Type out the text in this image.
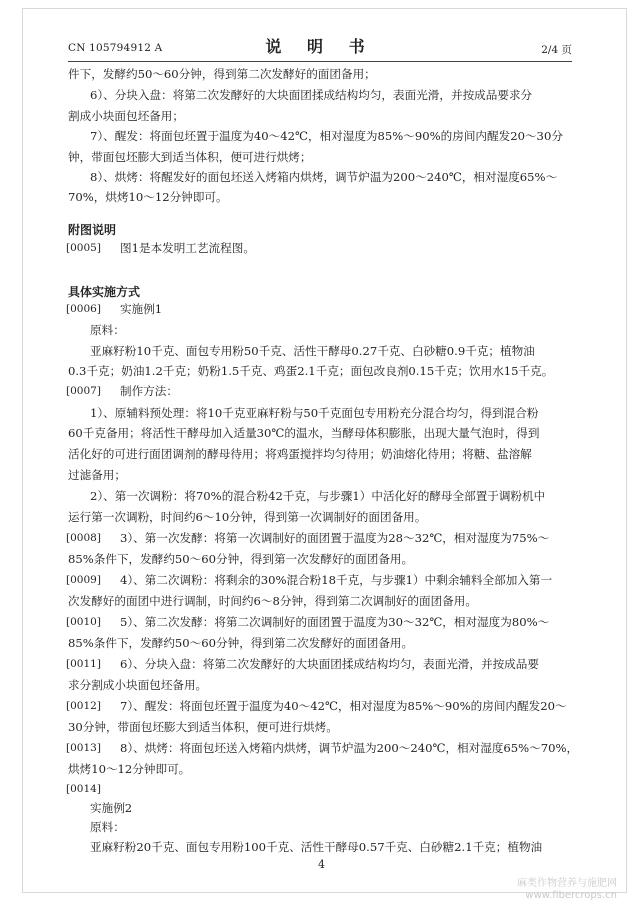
CN 105794912 A	说 明 书	2/4 页
件下，发酵约50～60分钟，得到第二次发酵好的面团备用；
6）、分块入盘：将第二次发酵好的大块面团揉成结构均匀，表面光滑，并按成品要求分
割成小块面包坯备用；
7）、醒发：将面包坯置于温度为40～42℃，相对湿度为85%～90%的房间内醒发20～30分
钟，带面包坯膨大到适当体积，便可进行烘烤；
8）、烘烤：将醒发好的面包坯送入烤箱内烘烤，调节炉温为200～240℃，相对湿度65%～
70%，烘烤10～12分钟即可。
附图说明
[0005] 图1是本发明工艺流程图。
具体实施方式
[0006] 实施例1
原料：
亚麻籽粉10千克、面包专用粉50千克、活性干酵母0.27千克、白砂糖0.9千克；植物油
0.3千克；奶油1.2千克；奶粉1.5千克、鸡蛋2.1千克；面包改良剂0.15千克；饮用水15千克。
[0007] 制作方法：
1）、原辅料预处理：将10千克亚麻籽粉与50千克面包专用粉充分混合均匀，得到混合粉
60千克备用；将活性干酵母加入适量30℃的温水，当酵母体积膨胀，出现大量气泡时，得到
活化好的可进行面团调剂的酵母待用；将鸡蛋搅拌均匀待用；奶油熔化待用；将糖、盐溶解
过滤备用；
2）、第一次调粉：将70%的混合粉42千克，与步骤1）中活化好的酵母全部置于调粉机中
运行第一次调粉，时间约6～10分钟，得到第一次调制好的面团备用。
[0008] 3）、第一次发酵：将第一次调制好的面团置于温度为28～32℃，相对湿度为75%～
85%条件下，发酵约50～60分钟，得到第一次发酵好的面团备用。
[0009] 4）、第二次调粉：将剩余的30%混合粉18千克，与步骤1）中剩余辅料全部加入第一
次发酵好的面团中进行调制，时间约6～8分钟，得到第二次调制好的面团备用。
[0010] 5）、第二次发酵：将第二次调制好的面团置于温度为30～32℃，相对湿度为80%～
85%条件下，发酵约50～60分钟，得到第二次发酵好的面团备用。
[0011] 6）、分块入盘：将第二次发酵好的大块面团揉成结构均匀，表面光滑，并按成品要
求分割成小块面包坯备用。
[0012] 7）、醒发：将面包坯置于温度为40～42℃，相对湿度为85%～90%的房间内醒发20～
30分钟，带面包坯膨大到适当体积，便可进行烘烤。
[0013] 8）、烘烤：将面包坯送入烤箱内烘烤，调节炉温为200～240℃，相对湿度65%～70%，
烘烤10～12分钟即可。
[0014]
实施例2
原料：
4
麻类作物营养与施肥网
www.fibercrops.cn
亚麻籽粉20千克、面包专用粉100千克、活性干酵母0.57千克、白砂糖2.1千克；植物油
